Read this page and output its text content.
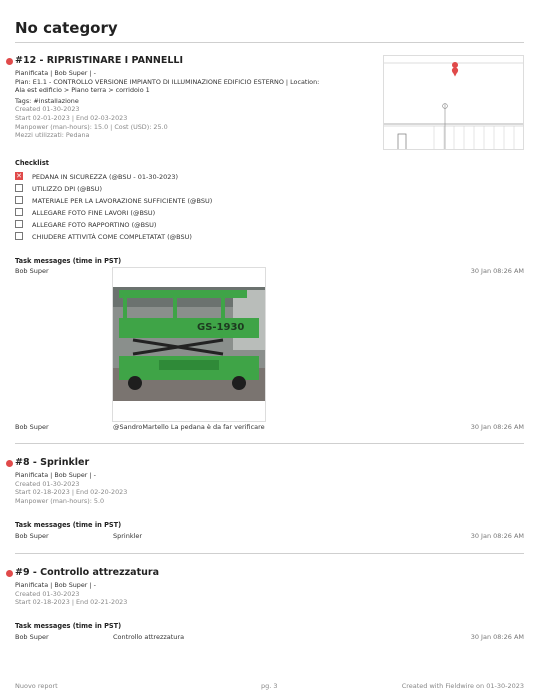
No category
#12 - RIPRISTINARE I PANNELLI
Pianificata | Bob Super | -
Plan: E1.1 - CONTROLLO VERSIONE IMPIANTO DI ILLUMINAZIONE EDIFICIO ESTERNO | Location:
Ala est edificio > Piano terra > corridoio 1
Tags: #installazione
Created 01-30-2023
Start 02-01-2023 | End 02-03-2023
Manpower (man-hours): 15.0 | Cost (USD): 25.0
Mezzi utilizzati: Pedana
Checklist
✕ PEDANA IN SICUREZZA (@BSU - 01-30-2023)
UTILIZZO DPI (@BSU)
MATERIALE PER LA LAVORAZIONE SUFFICIENTE (@BSU)
ALLEGARE FOTO FINE LAVORI (@BSU)
ALLEGARE FOTO RAPPORTINO (@BSU)
CHIUDERE ATTIVITÀ COME COMPLETATAT (@BSU)
Task messages (time in PST)
Bob Super	30 Jan 08:26 AM
GS-1930
Bob Super	@SandroMartello La pedana è da far verificare	30 Jan 08:26 AM
#8 - Sprinkler
Pianificata | Bob Super | -
Created 01-30-2023
Start 02-18-2023 | End 02-20-2023
Manpower (man-hours): 5.0
Task messages (time in PST)
Bob Super	Sprinkler	30 Jan 08:26 AM
#9 - Controllo attrezzatura
Pianificata | Bob Super | -
Created 01-30-2023
Start 02-18-2023 | End 02-21-2023
Task messages (time in PST)
Bob Super	Controllo attrezzatura	30 Jan 08:26 AM
Nuovo report	pg. 3	Created with Fieldwire on 01-30-2023
